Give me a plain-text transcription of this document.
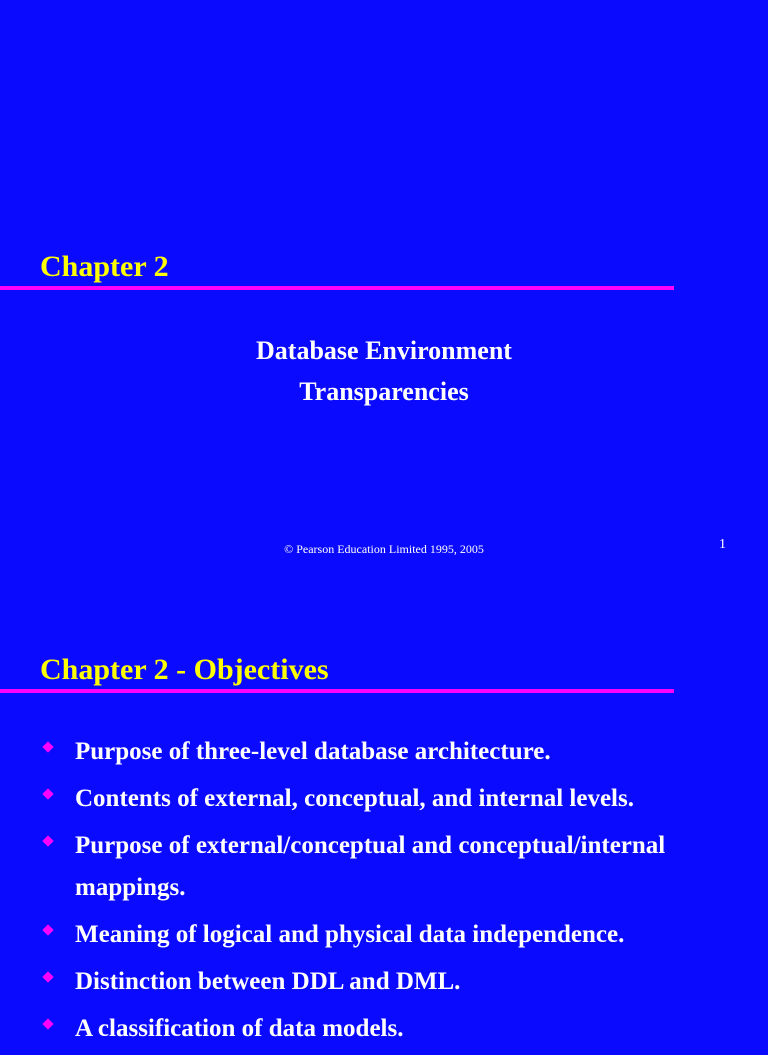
Chapter 2
Database Environment
Transparencies
© Pearson Education Limited 1995, 2005	1
Chapter 2 - Objectives
Purpose of three-level database architecture.
Contents of external, conceptual, and internal levels.
Purpose of external/conceptual and conceptual/internal mappings.
Meaning of logical and physical data independence.
Distinction between DDL and DML.
A classification of data models.
